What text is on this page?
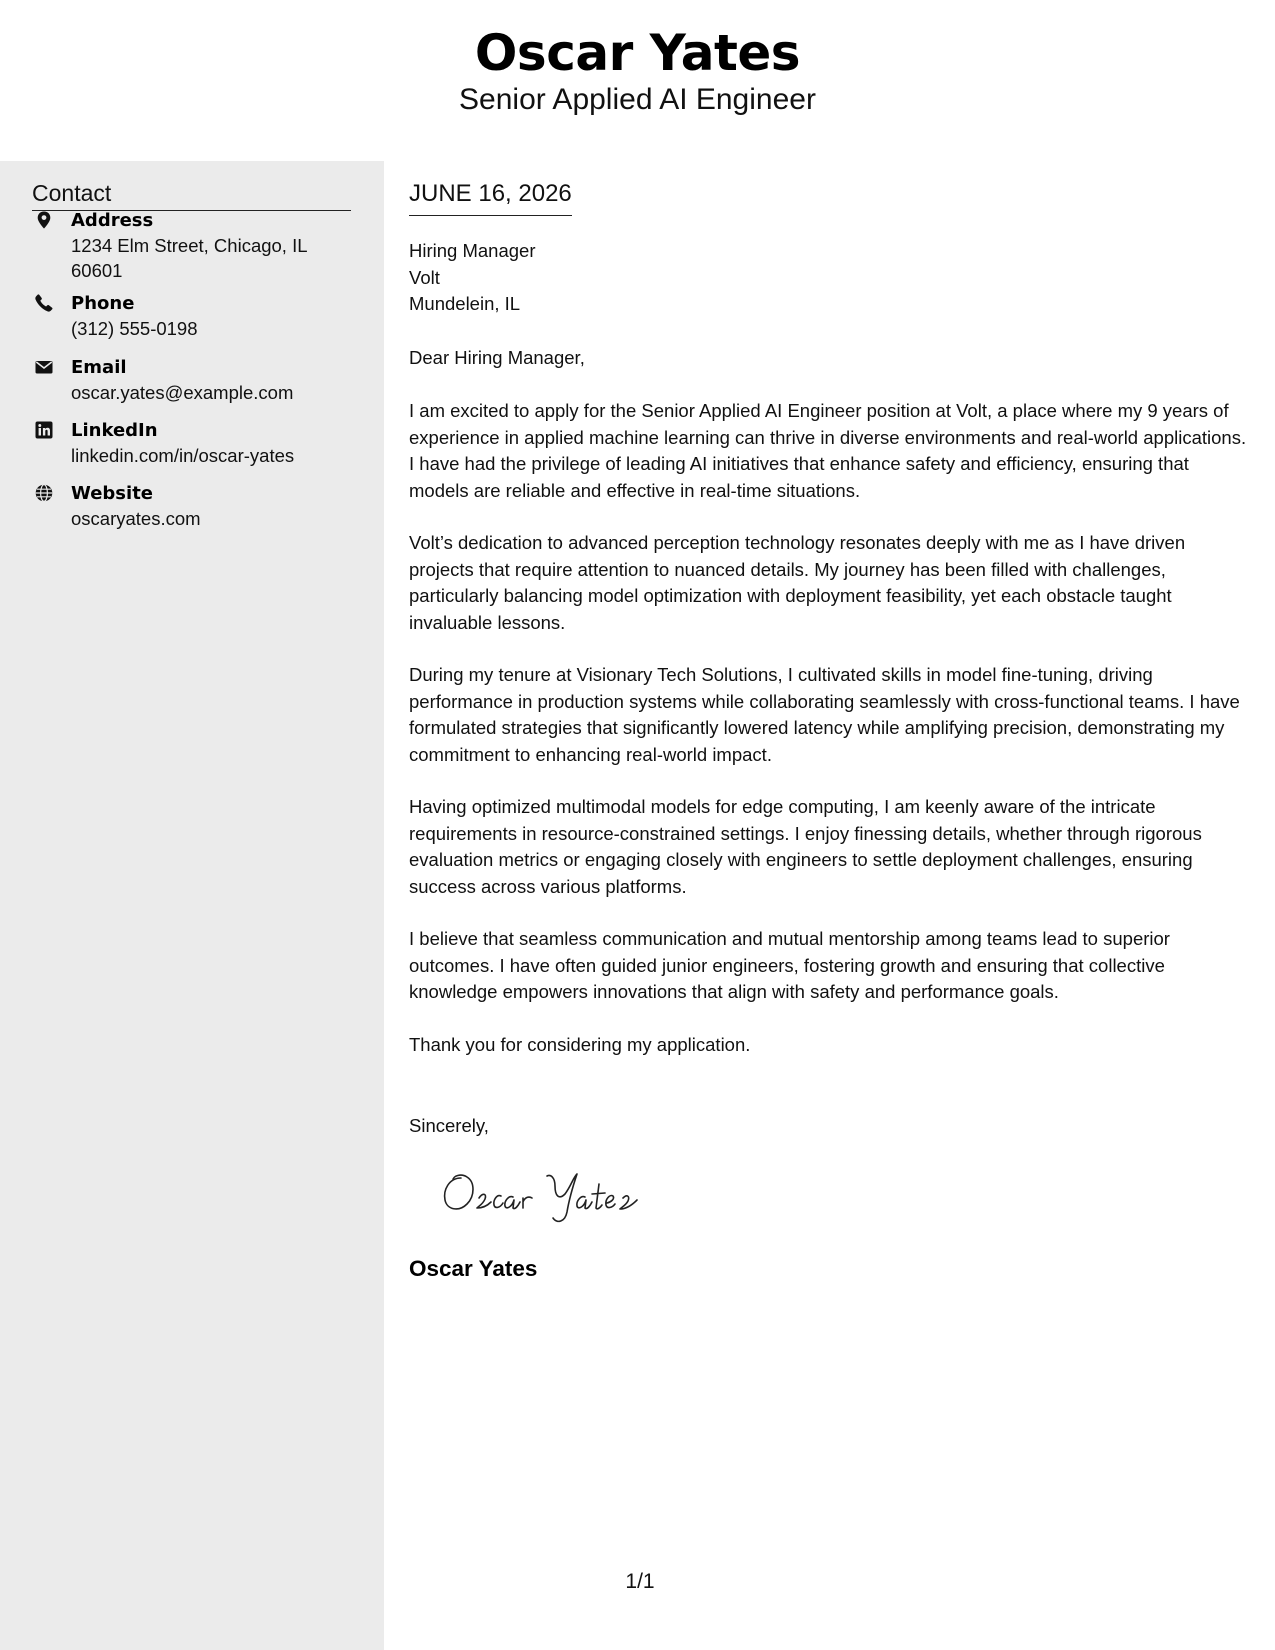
Oscar Yates
Senior Applied AI Engineer
Contact
Address
1234 Elm Street, Chicago, IL 60601
Phone
(312) 555-0198
Email
oscar.yates@example.com
LinkedIn
linkedin.com/in/oscar-yates
Website
oscaryates.com
JUNE 16, 2026
Hiring Manager
Volt
Mundelein, IL
Dear Hiring Manager,

I am excited to apply for the Senior Applied AI Engineer position at Volt, a place where my 9 years of experience in applied machine learning can thrive in diverse environments and real-world applications. I have had the privilege of leading AI initiatives that enhance safety and efficiency, ensuring that models are reliable and effective in real-time situations.

Volt’s dedication to advanced perception technology resonates deeply with me as I have driven projects that require attention to nuanced details. My journey has been filled with challenges, particularly balancing model optimization with deployment feasibility, yet each obstacle taught invaluable lessons.

During my tenure at Visionary Tech Solutions, I cultivated skills in model fine-tuning, driving performance in production systems while collaborating seamlessly with cross-functional teams. I have formulated strategies that significantly lowered latency while amplifying precision, demonstrating my commitment to enhancing real-world impact.

Having optimized multimodal models for edge computing, I am keenly aware of the intricate requirements in resource-constrained settings. I enjoy finessing details, whether through rigorous evaluation metrics or engaging closely with engineers to settle deployment challenges, ensuring success across various platforms.

I believe that seamless communication and mutual mentorship among teams lead to superior outcomes. I have often guided junior engineers, fostering growth and ensuring that collective knowledge empowers innovations that align with safety and performance goals.

Thank you for considering my application.

Sincerely,
Oscar Yates
1/1
